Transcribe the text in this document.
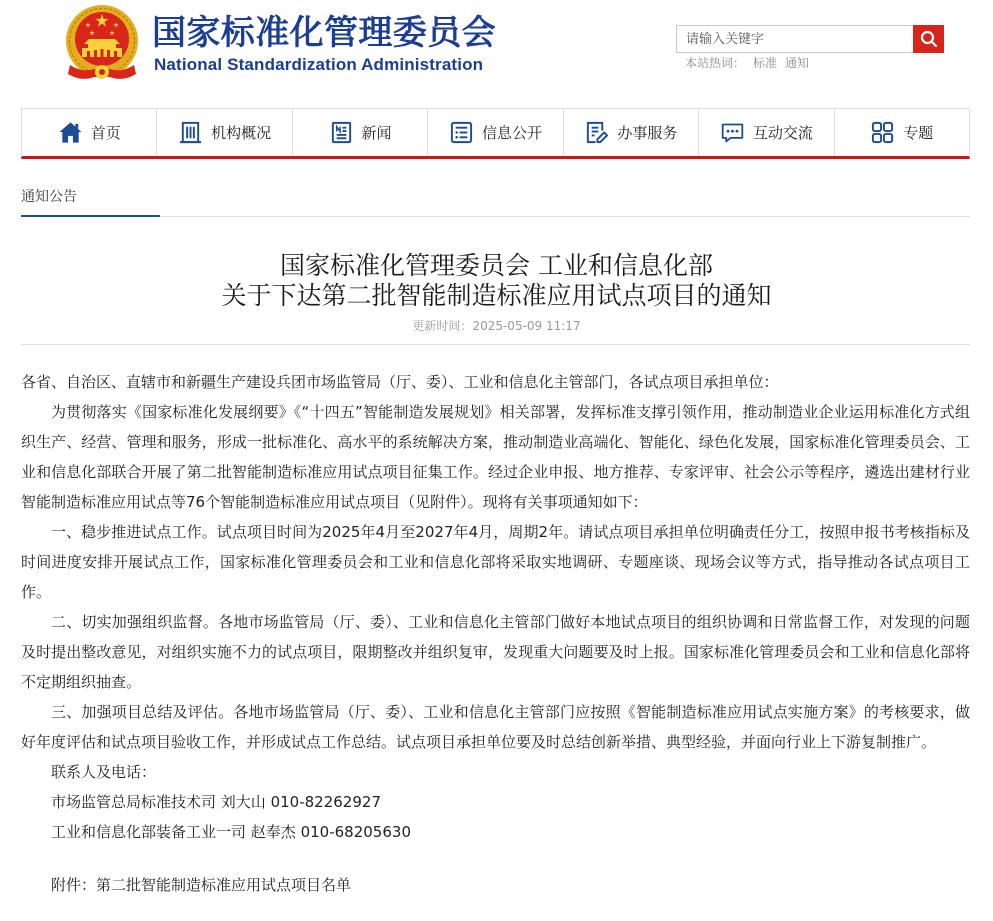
国家标准化管理委员会
National Standardization Administration
请输入关键字	本站热词： 标准 通知
首页	机构概况	新闻	信息公开	办事服务	互动交流	专题
通知公告
国家标准化管理委员会 工业和信息化部
关于下达第二批智能制造标准应用试点项目的通知
更新时间：2025-05-09 11:17

各省、自治区、直辖市和新疆生产建设兵团市场监管局（厅、委）、工业和信息化主管部门，各试点项目承担单位：

为贯彻落实《国家标准化发展纲要》《“十四五”智能制造发展规划》相关部署，发挥标准支撑引领作用，推动制造业企业运用标准化方式组织生产、经营、管理和服务，形成一批标准化、高水平的系统解决方案，推动制造业高端化、智能化、绿色化发展，国家标准化管理委员会、工业和信息化部联合开展了第二批智能制造标准应用试点项目征集工作。经过企业申报、地方推荐、专家评审、社会公示等程序，遴选出建材行业智能制造标准应用试点等76个智能制造标准应用试点项目（见附件）。现将有关事项通知如下：

一、稳步推进试点工作。试点项目时间为2025年4月至2027年4月，周期2年。请试点项目承担单位明确责任分工，按照申报书考核指标及时间进度安排开展试点工作，国家标准化管理委员会和工业和信息化部将采取实地调研、专题座谈、现场会议等方式，指导推动各试点项目工作。

二、切实加强组织监督。各地市场监管局（厅、委）、工业和信息化主管部门做好本地试点项目的组织协调和日常监督工作，对发现的问题及时提出整改意见，对组织实施不力的试点项目，限期整改并组织复审，发现重大问题要及时上报。国家标准化管理委员会和工业和信息化部将不定期组织抽查。

三、加强项目总结及评估。各地市场监管局（厅、委）、工业和信息化主管部门应按照《智能制造标准应用试点实施方案》的考核要求，做好年度评估和试点项目验收工作，并形成试点工作总结。试点项目承担单位要及时总结创新举措、典型经验，并面向行业上下游复制推广。

联系人及电话：

市场监管总局标准技术司 刘大山 010-82262927

工业和信息化部装备工业一司 赵奉杰 010-68205630

附件：第二批智能制造标准应用试点项目名单
